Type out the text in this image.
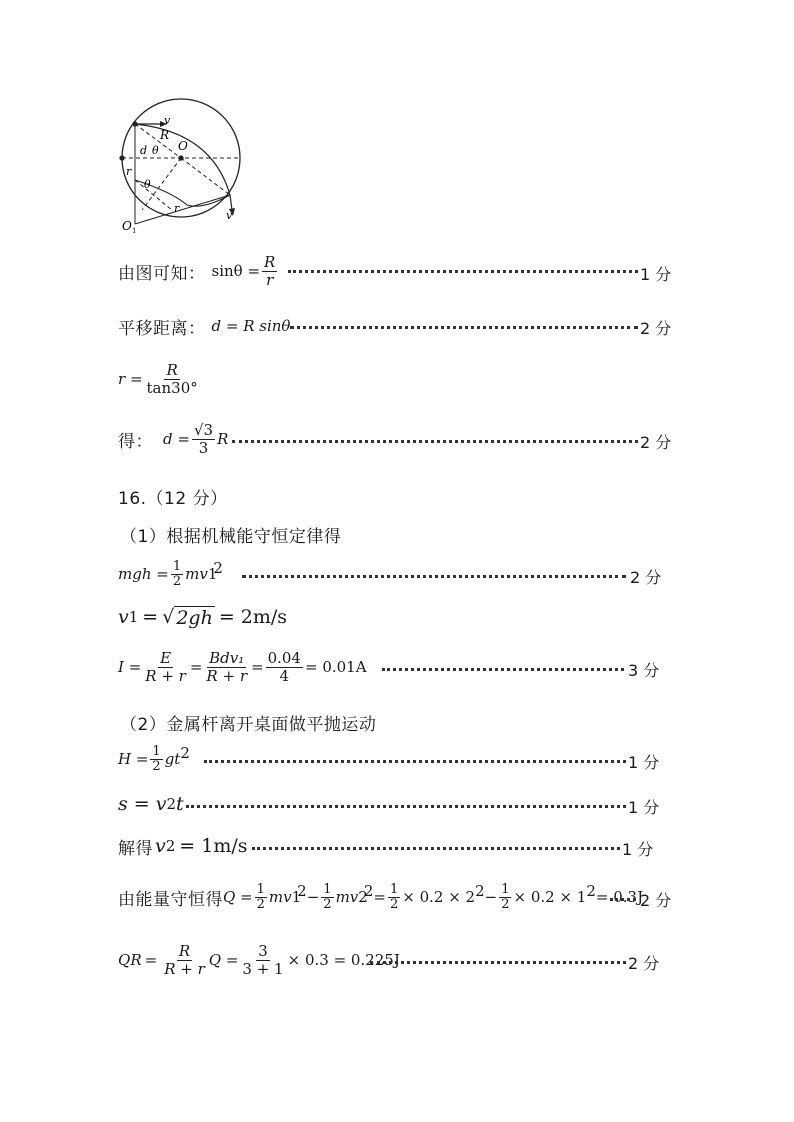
v
R
O
d θ
r
θ
r
v
O 1
由图可知： $\sin\theta = \frac{R}{r}$	1 分
平移距离： d = R sinθ	2 分
$r = \frac{R}{\tan 30^\circ}$
得： $d = \frac{√3}{3}$ R	2 分
16.（12 分）
（1）根据机械能守恒定律得
mgh = $\frac{1}{2}$ mv 1
$^2$	2 分
v 1 = √ 2gh = 2m/s
$I = \frac{E}{R + r} = \frac{\text{Bdv₁}}{R + r} = \frac{0.04}{4} = 0.01A$	3 分
（2）金属杆离开桌面做平抛运动
$H = \frac{1}{2} gt^2$	1 分
s = v 2 t	1 分
解得 v 2 = 1m/s	1 分
由能量守恒得 $Q = \frac{1}{2}$ mv 1
$^2 - \frac{1}{2}$ mv 2
$^2 = \frac{1}{2} \times 0.2 \times 2^2 - \frac{1}{2} \times 0.2 \times 1^2 = 0.3J$
2 分
Q $R = \frac{R}{R + r}$ $Q = \frac{3}{3 + 1} \times 0.3 = 0.225J$	2 分
